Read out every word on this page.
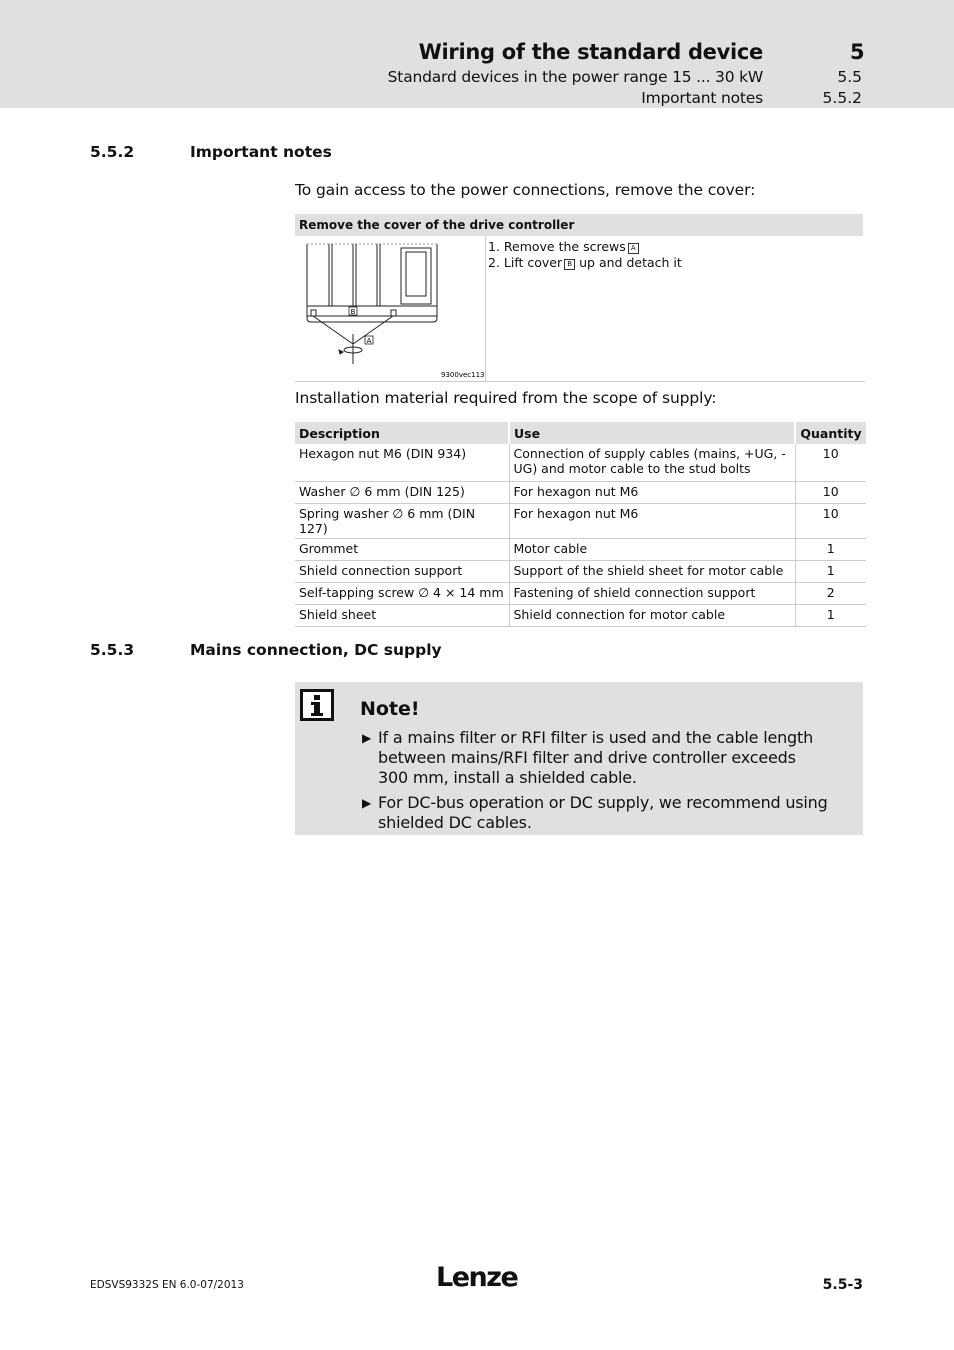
Wiring of the standard device	5
Standard devices in the power range 15 ... 30 kW	5.5
Important notes	5.5.2
5.5.2	Important notes
To gain access to the power connections, remove the cover:
Remove the cover of the drive controller
B
A
9300vec113
1. Remove the screws A
2. Lift cover B up and detach it
Installation material required from the scope of supply:
Description	Use	Quantity
Hexagon nut M6 (DIN 934)	Connection of supply cables (mains, +UG, -UG) and motor cable to the stud bolts	10
Washer ∅ 6 mm (DIN 125)	For hexagon nut M6	10
Spring washer ∅ 6 mm (DIN 127)	For hexagon nut M6	10
Grommet	Motor cable	1
Shield connection support	Support of the shield sheet for motor cable	1
Self-tapping screw ∅ 4 × 14 mm	Fastening of shield connection support	2
Shield sheet	Shield connection for motor cable	1
5.5.3	Mains connection, DC supply
Note!
▶ If a mains filter or RFI filter is used and the cable length between mains/RFI filter and drive controller exceeds 300 mm, install a shielded cable.
▶ For DC-bus operation or DC supply, we recommend using shielded DC cables.
EDSVS9332S EN 6.0-07/2013	Lenze	5.5-3
